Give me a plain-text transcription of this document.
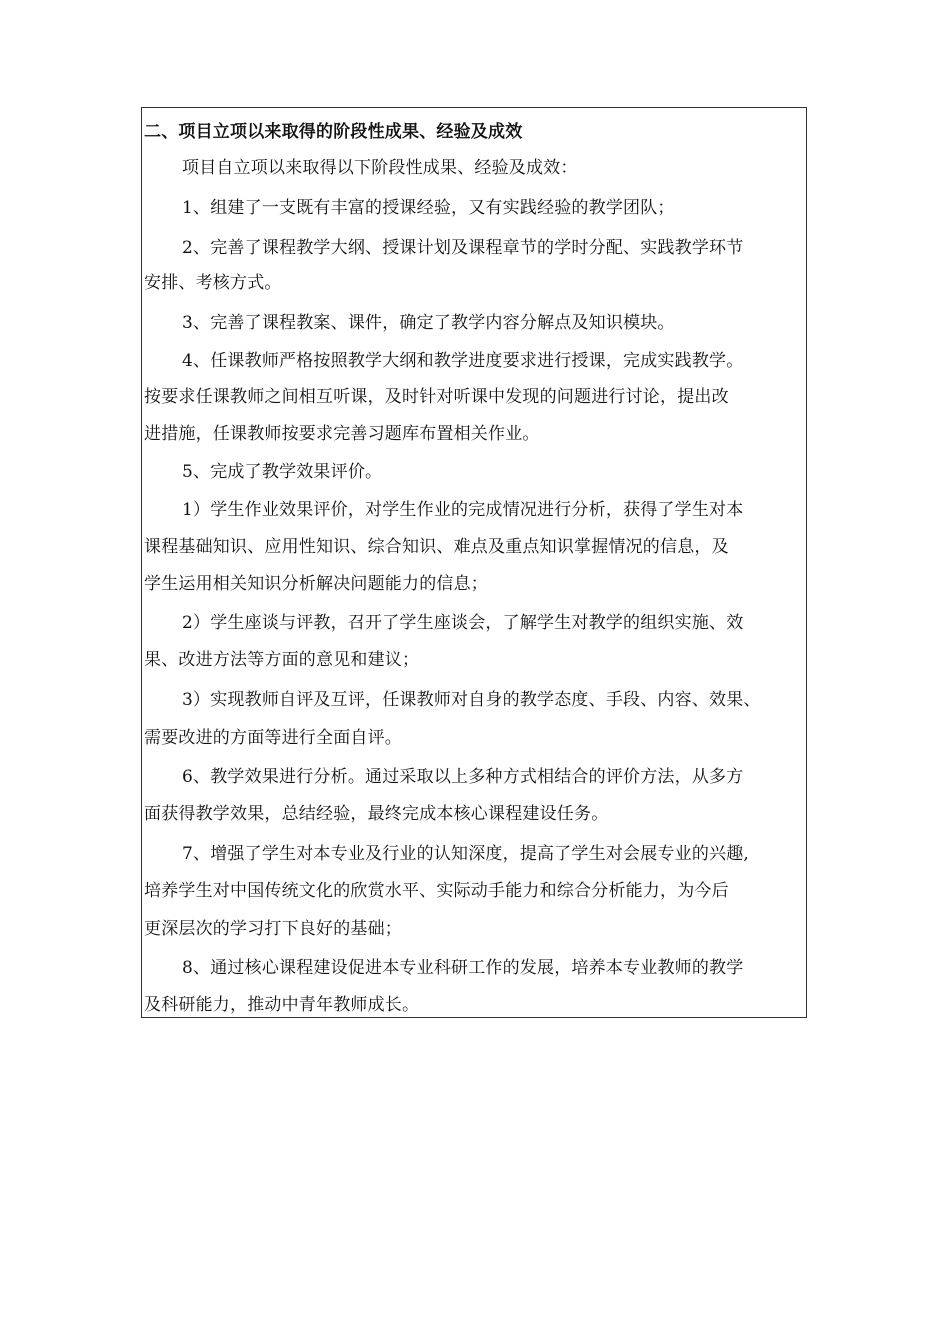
二、项目立项以来取得的阶段性成果、经验及成效
项目自立项以来取得以下阶段性成果、经验及成效：
1、组建了一支既有丰富的授课经验，又有实践经验的教学团队；
2、完善了课程教学大纲、授课计划及课程章节的学时分配、实践教学环节
安排、考核方式。
3、完善了课程教案、课件，确定了教学内容分解点及知识模块。
4、任课教师严格按照教学大纲和教学进度要求进行授课，完成实践教学。
按要求任课教师之间相互听课，及时针对听课中发现的问题进行讨论，提出改
进措施，任课教师按要求完善习题库布置相关作业。
5、完成了教学效果评价。
1）学生作业效果评价，对学生作业的完成情况进行分析，获得了学生对本
课程基础知识、应用性知识、综合知识、难点及重点知识掌握情况的信息，及
学生运用相关知识分析解决问题能力的信息；
2）学生座谈与评教，召开了学生座谈会，了解学生对教学的组织实施、效
果、改进方法等方面的意见和建议；
3）实现教师自评及互评，任课教师对自身的教学态度、手段、内容、效果、
需要改进的方面等进行全面自评。
6、教学效果进行分析。通过采取以上多种方式相结合的评价方法，从多方
面获得教学效果，总结经验，最终完成本核心课程建设任务。
7、增强了学生对本专业及行业的认知深度，提高了学生对会展专业的兴趣,
培养学生对中国传统文化的欣赏水平、实际动手能力和综合分析能力，为今后
更深层次的学习打下良好的基础；
8、通过核心课程建设促进本专业科研工作的发展，培养本专业教师的教学
及科研能力，推动中青年教师成长。
